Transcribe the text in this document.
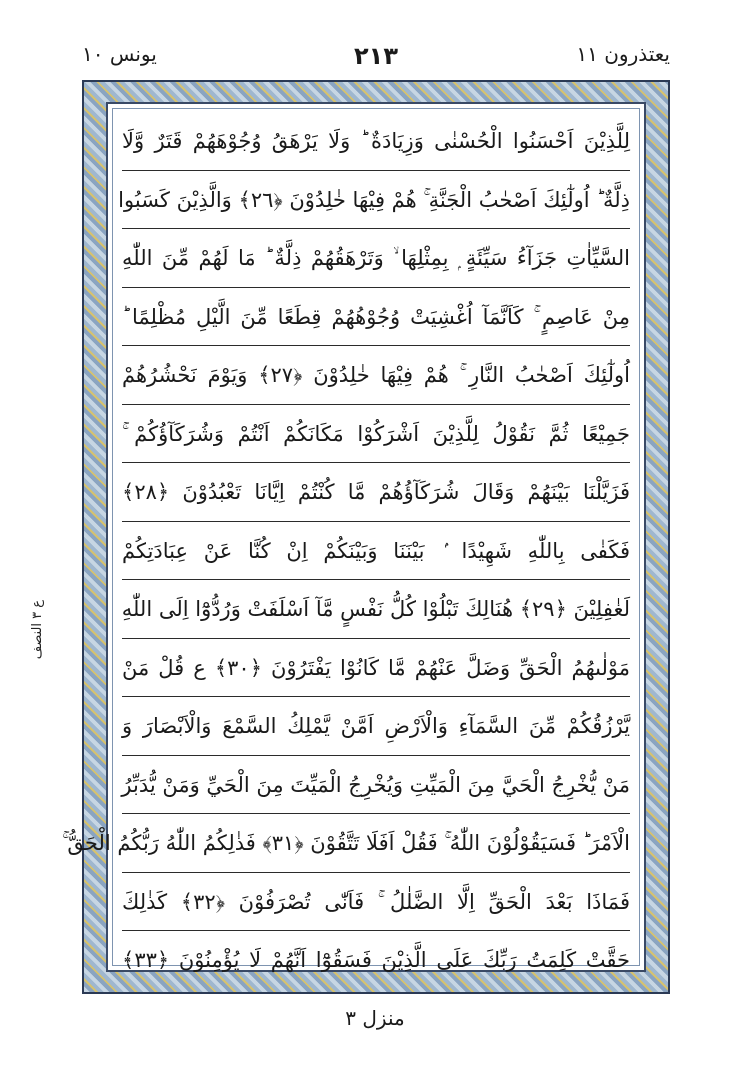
يونس ١٠	٢١٣	يعتذرون ١١
لِلَّذِيْنَ اَحْسَنُوا الْحُسْنٰى وَزِيَادَةٌ ؕ وَلَا يَرْهَقُ وُجُوْهَهُمْ قَتَرٌ وَّلَا
ذِلَّةٌ ؕ اُولٰٓئِكَ اَصْحٰبُ الْجَنَّةِ ۚ هُمْ فِيْهَا خٰلِدُوْنَ ﴿٢٦﴾ وَالَّذِيْنَ كَسَبُوا
السَّيِّاٰتِ جَزَآءُ سَيِّئَةٍ ۭ بِمِثْلِهَا ۙ وَتَرْهَقُهُمْ ذِلَّةٌ ؕ مَا لَهُمْ مِّنَ اللّٰهِ
مِنْ عَاصِمٍ ۚ كَاَنَّمَآ اُغْشِيَتْ وُجُوْهُهُمْ قِطَعًا مِّنَ الَّيْلِ مُظْلِمًا ؕ
اُولٰٓئِكَ اَصْحٰبُ النَّارِ ۚ هُمْ فِيْهَا خٰلِدُوْنَ ﴿٢٧﴾ وَيَوْمَ نَحْشُرُهُمْ
جَمِيْعًا ثُمَّ نَقُوْلُ لِلَّذِيْنَ اَشْرَكُوْا مَكَانَكُمْ اَنْتُمْ وَشُرَكَآؤُكُمْ ۚ
فَزَيَّلْنَا بَيْنَهُمْ وَقَالَ شُرَكَآؤُهُمْ مَّا كُنْتُمْ اِيَّانَا تَعْبُدُوْنَ ﴿٢٨﴾
فَكَفٰى بِاللّٰهِ شَهِيْدًا ۢ بَيْنَنَا وَبَيْنَكُمْ اِنْ كُنَّا عَنْ عِبَادَتِكُمْ
لَغٰفِلِيْنَ ﴿٢٩﴾ هُنَالِكَ تَبْلُوْا كُلُّ نَفْسٍ مَّآ اَسْلَفَتْ وَرُدُّوْٓا اِلَى اللّٰهِ
مَوْلٰىهُمُ الْحَقِّ وَضَلَّ عَنْهُمْ مَّا كَانُوْا يَفْتَرُوْنَ ﴿٣٠﴾ ع قُلْ مَنْ
يَّرْزُقُكُمْ مِّنَ السَّمَآءِ وَالْاَرْضِ اَمَّنْ يَّمْلِكُ السَّمْعَ وَالْاَبْصَارَ وَ
مَنْ يُّخْرِجُ الْحَيَّ مِنَ الْمَيِّتِ وَيُخْرِجُ الْمَيِّتَ مِنَ الْحَيِّ وَمَنْ يُّدَبِّرُ
الْاَمْرَ ؕ فَسَيَقُوْلُوْنَ اللّٰهُ ۚ فَقُلْ اَفَلَا تَتَّقُوْنَ ﴿٣١﴾ فَذٰلِكُمُ اللّٰهُ رَبُّكُمُ الْحَقُّ ۚ
فَمَاذَا بَعْدَ الْحَقِّ اِلَّا الضَّلٰلُ ۚ فَاَنّٰى تُصْرَفُوْنَ ﴿٣٢﴾ كَذٰلِكَ
حَقَّتْ كَلِمَتُ رَبِّكَ عَلَى الَّذِيْنَ فَسَقُوْٓا اَنَّهُمْ لَا يُؤْمِنُوْنَ ﴿٣٣﴾
ع ٣ النصف
منزل ٣
